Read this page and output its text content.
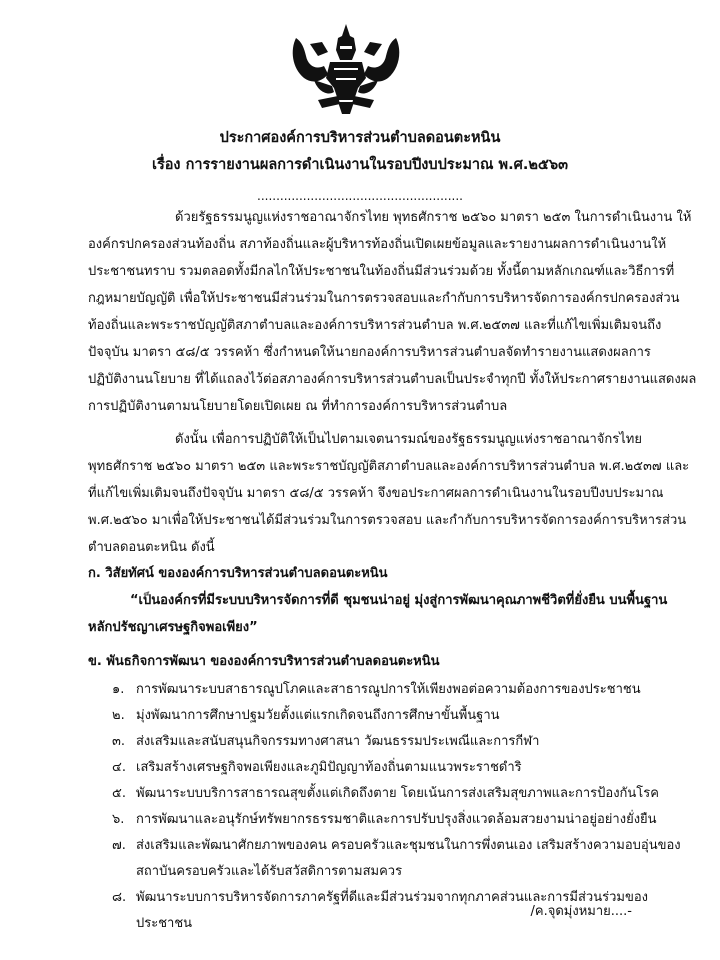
ประกาศองค์การบริหารส่วนตำบลดอนตะหนิน
เรื่อง การรายงานผลการดำเนินงานในรอบปีงบประมาณ พ.ศ.๒๕๖๓
......................................................
ด้วยรัฐธรรมนูญแห่งราชอาณาจักรไทย พุทธศักราช ๒๕๖๐ มาตรา ๒๕๓ ในการดำเนินงาน ให้
องค์กรปกครองส่วนท้องถิ่น สภาท้องถิ่นและผู้บริหารท้องถิ่นเปิดเผยข้อมูลและรายงานผลการดำเนินงานให้
ประชาชนทราบ รวมตลอดทั้งมีกลไกให้ประชาชนในท้องถิ่นมีส่วนร่วมด้วย ทั้งนี้ตามหลักเกณฑ์และวิธีการที่
กฎหมายบัญญัติ เพื่อให้ประชาชนมีส่วนร่วมในการตรวจสอบและกำกับการบริหารจัดการองค์กรปกครองส่วน
ท้องถิ่นและพระราชบัญญัติสภาตำบลและองค์การบริหารส่วนตำบล พ.ศ.๒๕๓๗ และที่แก้ไขเพิ่มเติมจนถึง
ปัจจุบัน มาตรา ๕๘/๕ วรรคห้า ซึ่งกำหนดให้นายกองค์การบริหารส่วนตำบลจัดทำรายงานแสดงผลการ
ปฏิบัติงานนโยบาย ที่ได้แถลงไว้ต่อสภาองค์การบริหารส่วนตำบลเป็นประจำทุกปี ทั้งให้ประกาศรายงานแสดงผล
การปฏิบัติงานตามนโยบายโดยเปิดเผย ณ ที่ทำการองค์การบริหารส่วนตำบล
ดังนั้น เพื่อการปฏิบัติให้เป็นไปตามเจตนารมณ์ของรัฐธรรมนูญแห่งราชอาณาจักรไทย
พุทธศักราช ๒๕๖๐ มาตรา ๒๕๓ และพระราชบัญญัติสภาตำบลและองค์การบริหารส่วนตำบล พ.ศ.๒๕๓๗ และ
ที่แก้ไขเพิ่มเติมจนถึงปัจจุบัน มาตรา ๕๘/๕ วรรคห้า จึงขอประกาศผลการดำเนินงานในรอบปีงบประมาณ
พ.ศ.๒๕๖๐ มาเพื่อให้ประชาชนได้มีส่วนร่วมในการตรวจสอบ และกำกับการบริหารจัดการองค์การบริหารส่วน
ตำบลดอนตะหนิน ดังนี้
ก. วิสัยทัศน์ ขององค์การบริหารส่วนตำบลดอนตะหนิน
“เป็นองค์กรที่มีระบบบริหารจัดการที่ดี ชุมชนน่าอยู่ มุ่งสู่การพัฒนาคุณภาพชีวิตที่ยั่งยืน บนพื้นฐาน
หลักปรัชญาเศรษฐกิจพอเพียง”
ข. พันธกิจการพัฒนา ขององค์การบริหารส่วนตำบลดอนตะหนิน
๑. การพัฒนาระบบสาธารณูปโภคและสาธารณูปการให้เพียงพอต่อความต้องการของประชาชน
๒. มุ่งพัฒนาการศึกษาปฐมวัยตั้งแต่แรกเกิดจนถึงการศึกษาขั้นพื้นฐาน
๓. ส่งเสริมและสนับสนุนกิจกรรมทางศาสนา วัฒนธรรมประเพณีและการกีฬา
๔. เสริมสร้างเศรษฐกิจพอเพียงและภูมิปัญญาท้องถิ่นตามแนวพระราชดำริ
๕. พัฒนาระบบบริการสาธารณสุขตั้งแต่เกิดถึงตาย โดยเน้นการส่งเสริมสุขภาพและการป้องกันโรค
๖. การพัฒนาและอนุรักษ์ทรัพยากรธรรมชาติและการปรับปรุงสิ่งแวดล้อมสวยงามน่าอยู่อย่างยั่งยืน
๗. ส่งเสริมและพัฒนาศักยภาพของคน ครอบครัวและชุมชนในการพึ่งตนเอง เสริมสร้างความอบอุ่นของ
สถาบันครอบครัวและได้รับสวัสดิการตามสมควร
๘. พัฒนาระบบการบริหารจัดการภาครัฐที่ดีและมีส่วนร่วมจากทุกภาคส่วนและการมีส่วนร่วมของ
ประชาชน
/ค.จุดมุ่งหมาย....-
